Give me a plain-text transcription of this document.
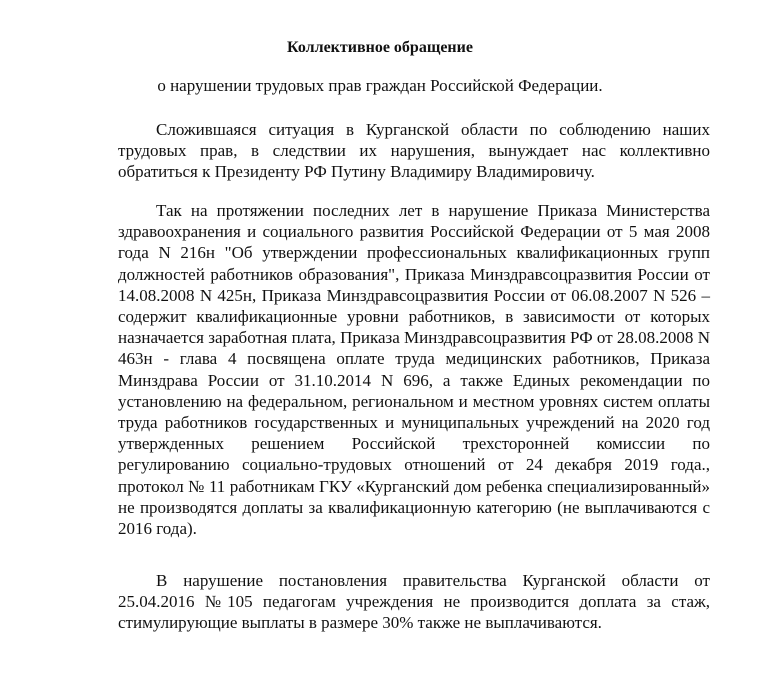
Коллективное обращение

о нарушении трудовых прав граждан Российской Федерации.

Сложившаяся ситуация в Курганской области по соблюдению наших трудовых прав, в следствии их нарушения, вынуждает нас коллективно обратиться к Президенту РФ Путину Владимиру Владимировичу.

Так на протяжении последних лет в нарушение Приказа Министерства здравоохранения и социального развития Российской Федерации от 5 мая 2008 года N 216н "Об утверждении профессиональных квалификационных групп должностей работников образования", Приказа Минздравсоцразвития России от 14.08.2008 N 425н, Приказа Минздравсоцразвития России от 06.08.2007 N 526 – содержит квалификационные уровни работников, в зависимости от которых назначается заработная плата, Приказа Минздравсоцразвития РФ от 28.08.2008 N 463н - глава 4 посвящена оплате труда медицинских работников, Приказа Минздрава России от 31.10.2014 N 696, а также Единых рекомендации по установлению на федеральном, региональном и местном уровнях систем оплаты труда работников государственных и муниципальных учреждений на 2020 год утвержденных решением Российской трехсторонней комиссии по регулированию социально-трудовых отношений от 24 декабря 2019 года., протокол № 11 работникам ГКУ «Курганский дом ребенка специализированный» не производятся доплаты за квалификационную категорию (не выплачиваются с 2016 года).

В нарушение постановления правительства Курганской области от 25.04.2016 №105 педагогам учреждения не производится доплата за стаж, стимулирующие выплаты в размере 30% также не выплачиваются.
